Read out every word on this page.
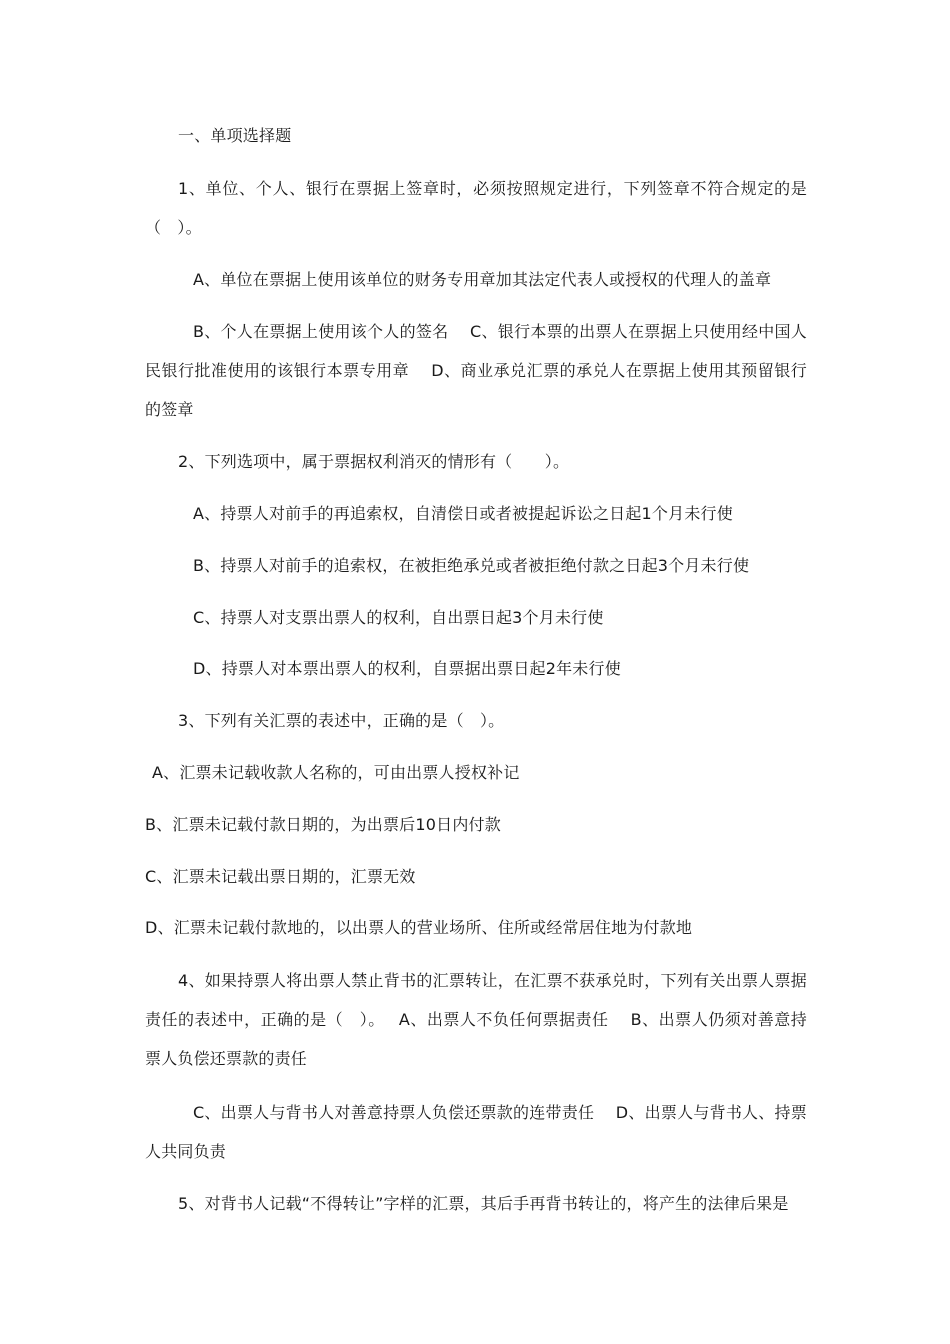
一、单项选择题
1、单位、个人、银行在票据上签章时，必须按照规定进行，下列签章不符合规定的是（　）。
A、单位在票据上使用该单位的财务专用章加其法定代表人或授权的代理人的盖章
B、个人在票据上使用该个人的签名　 C、银行本票的出票人在票据上只使用经中国人民银行批准使用的该银行本票专用章　 D、商业承兑汇票的承兑人在票据上使用其预留银行的签章
2、下列选项中，属于票据权利消灭的情形有（　　）。
A、持票人对前手的再追索权，自清偿日或者被提起诉讼之日起1个月未行使
B、持票人对前手的追索权，在被拒绝承兑或者被拒绝付款之日起3个月未行使
C、持票人对支票出票人的权利，自出票日起3个月未行使
D、持票人对本票出票人的权利，自票据出票日起2年未行使
3、下列有关汇票的表述中，正确的是（　）。
A、汇票未记载收款人名称的，可由出票人授权补记
B、汇票未记载付款日期的，为出票后10日内付款
C、汇票未记载出票日期的，汇票无效
D、汇票未记载付款地的，以出票人的营业场所、住所或经常居住地为付款地
4、如果持票人将出票人禁止背书的汇票转让，在汇票不获承兑时，下列有关出票人票据责任的表述中，正确的是（　）。　 A、出票人不负任何票据责任　 B、出票人仍须对善意持票人负偿还票款的责任
C、出票人与背书人对善意持票人负偿还票款的连带责任　 D、出票人与背书人、持票人共同负责
5、对背书人记载“不得转让”字样的汇票，其后手再背书转让的，将产生的法律后果是
